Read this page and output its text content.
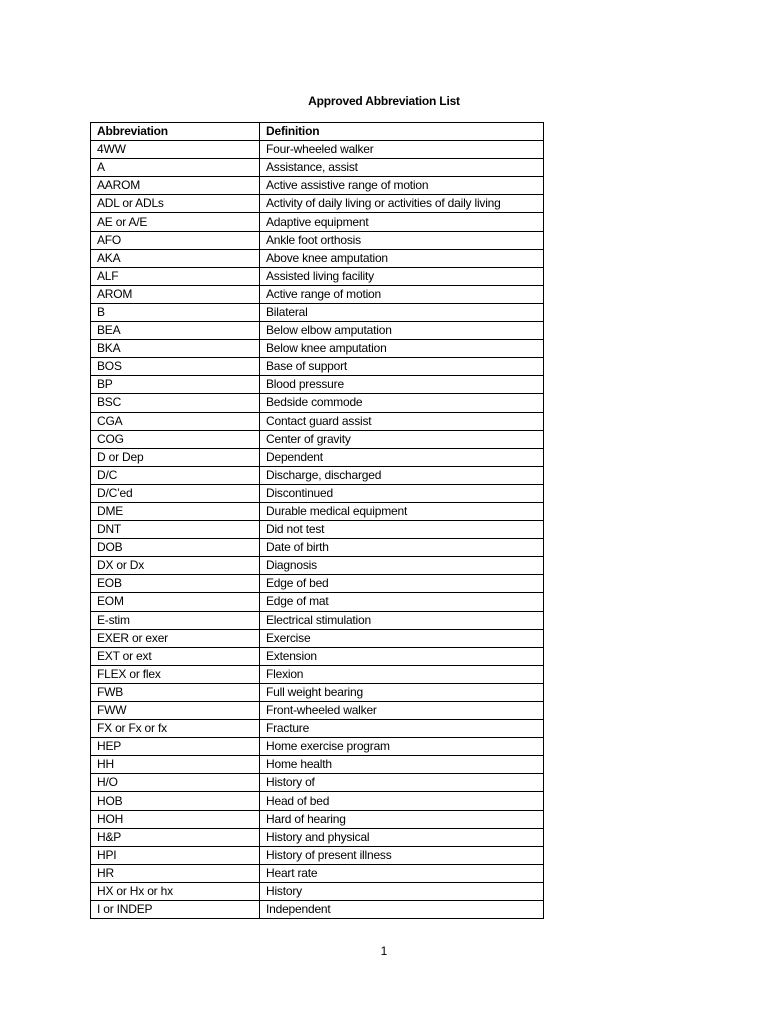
Approved Abbreviation List
Abbreviation	Definition
4WW	Four-wheeled walker
A	Assistance, assist
AAROM	Active assistive range of motion
ADL or ADLs	Activity of daily living or activities of daily living
AE or A/E	Adaptive equipment
AFO	Ankle foot orthosis
AKA	Above knee amputation
ALF	Assisted living facility
AROM	Active range of motion
B	Bilateral
BEA	Below elbow amputation
BKA	Below knee amputation
BOS	Base of support
BP	Blood pressure
BSC	Bedside commode
CGA	Contact guard assist
COG	Center of gravity
D or Dep	Dependent
D/C	Discharge, discharged
D/C’ed	Discontinued
DME	Durable medical equipment
DNT	Did not test
DOB	Date of birth
DX or Dx	Diagnosis
EOB	Edge of bed
EOM	Edge of mat
E-stim	Electrical stimulation
EXER or exer	Exercise
EXT or ext	Extension
FLEX or flex	Flexion
FWB	Full weight bearing
FWW	Front-wheeled walker
FX or Fx or fx	Fracture
HEP	Home exercise program
HH	Home health
H/O	History of
HOB	Head of bed
HOH	Hard of hearing
H&P	History and physical
HPI	History of present illness
HR	Heart rate
HX or Hx or hx	History
I or INDEP	Independent
1
